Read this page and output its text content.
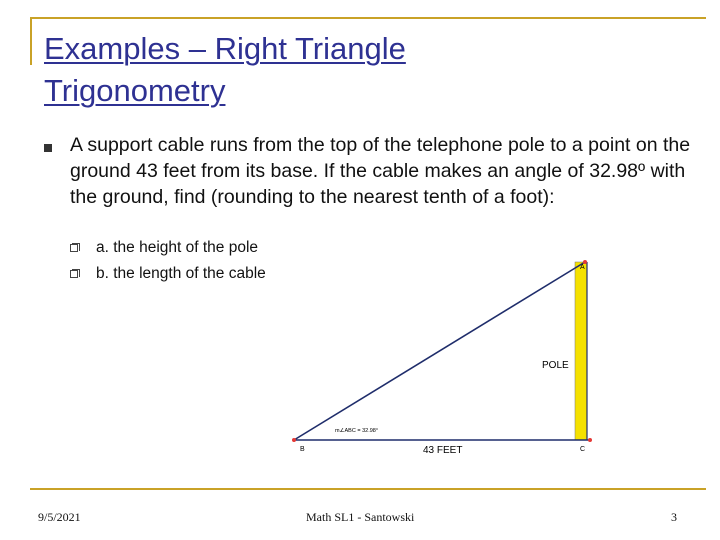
Examples – Right Triangle
Trigonometry
A support cable runs from the top of the telephone pole to a point on the ground 43 feet from its base. If the cable makes an angle of 32.98º with the ground, find (rounding to the nearest tenth of a foot):
a. the height of the pole
b. the length of the cable	A
B	C
POLE
43 FEET
m∠ABC = 32.98°
9/5/2021	Math SL1 - Santowski	3
